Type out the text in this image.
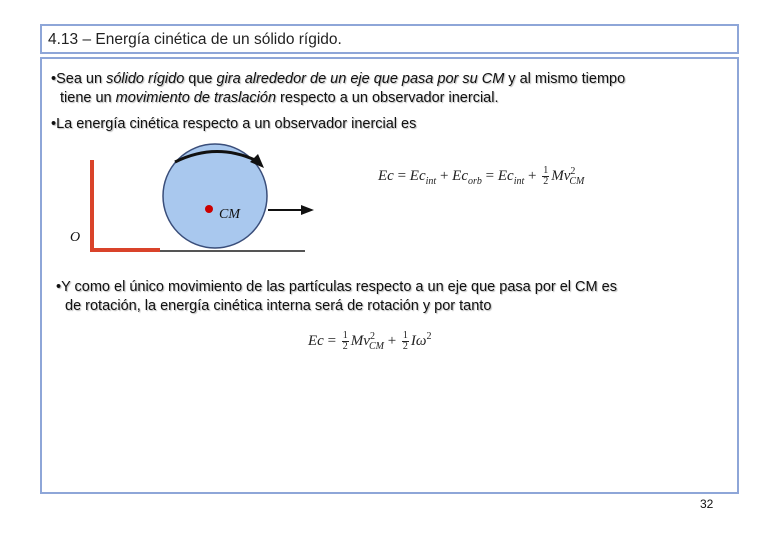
4.13 – Energía cinética de un sólido rígido.
•Sea un sólido rígido que gira alrededor de un eje que pasa por su CM y al mismo tiempo
tiene un movimiento de traslación respecto a un observador inercial.
•La energía cinética respecto a un observador inercial es
O
CM
$Ec = Ec_{int} + Ec_{orb} = Ec_{int} + \frac{1}{2} Mv^2_{CM}$
•Y como el único movimiento de las partículas respecto a un eje que pasa por el CM es
de rotación, la energía cinética interna será de rotación y por tanto
$Ec = \frac{1}{2} Mv^2_{CM} + \frac{1}{2} I\omega^2$
32
